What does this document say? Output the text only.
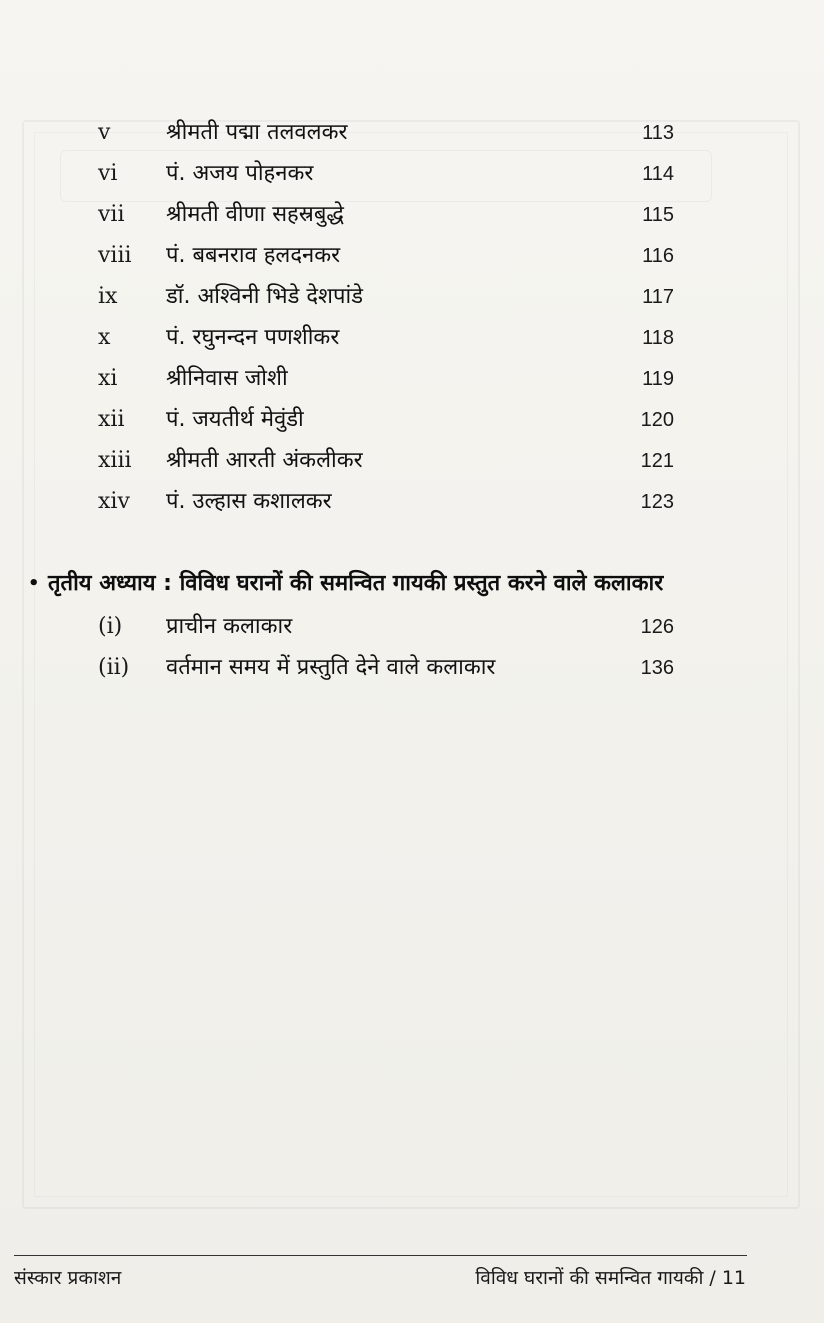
v	श्रीमती पद्मा तलवलकर	113
vi पं. अजय पोहनकर	114
vii श्रीमती वीणा सहस्रबुद्धे	115
viii पं. बबनराव हलदनकर	116
ix डॉ. अश्विनी भिडे देशपांडे	117
x	पं. रघुनन्दन पणशीकर	118
xi श्रीनिवास जोशी	119
xii पं. जयतीर्थ मेवुंडी	120
xiii श्रीमती आरती अंकलीकर	121
xiv पं. उल्हास कशालकर	123
• तृतीय अध्याय : विविध घरानों की समन्वित गायकी प्रस्तुत करने वाले कलाकार
(i) प्राचीन कलाकार	126
(ii) वर्तमान समय में प्रस्तुति देने वाले कलाकार	136
संस्कार प्रकाशन	विविध घरानों की समन्वित गायकी / 11
